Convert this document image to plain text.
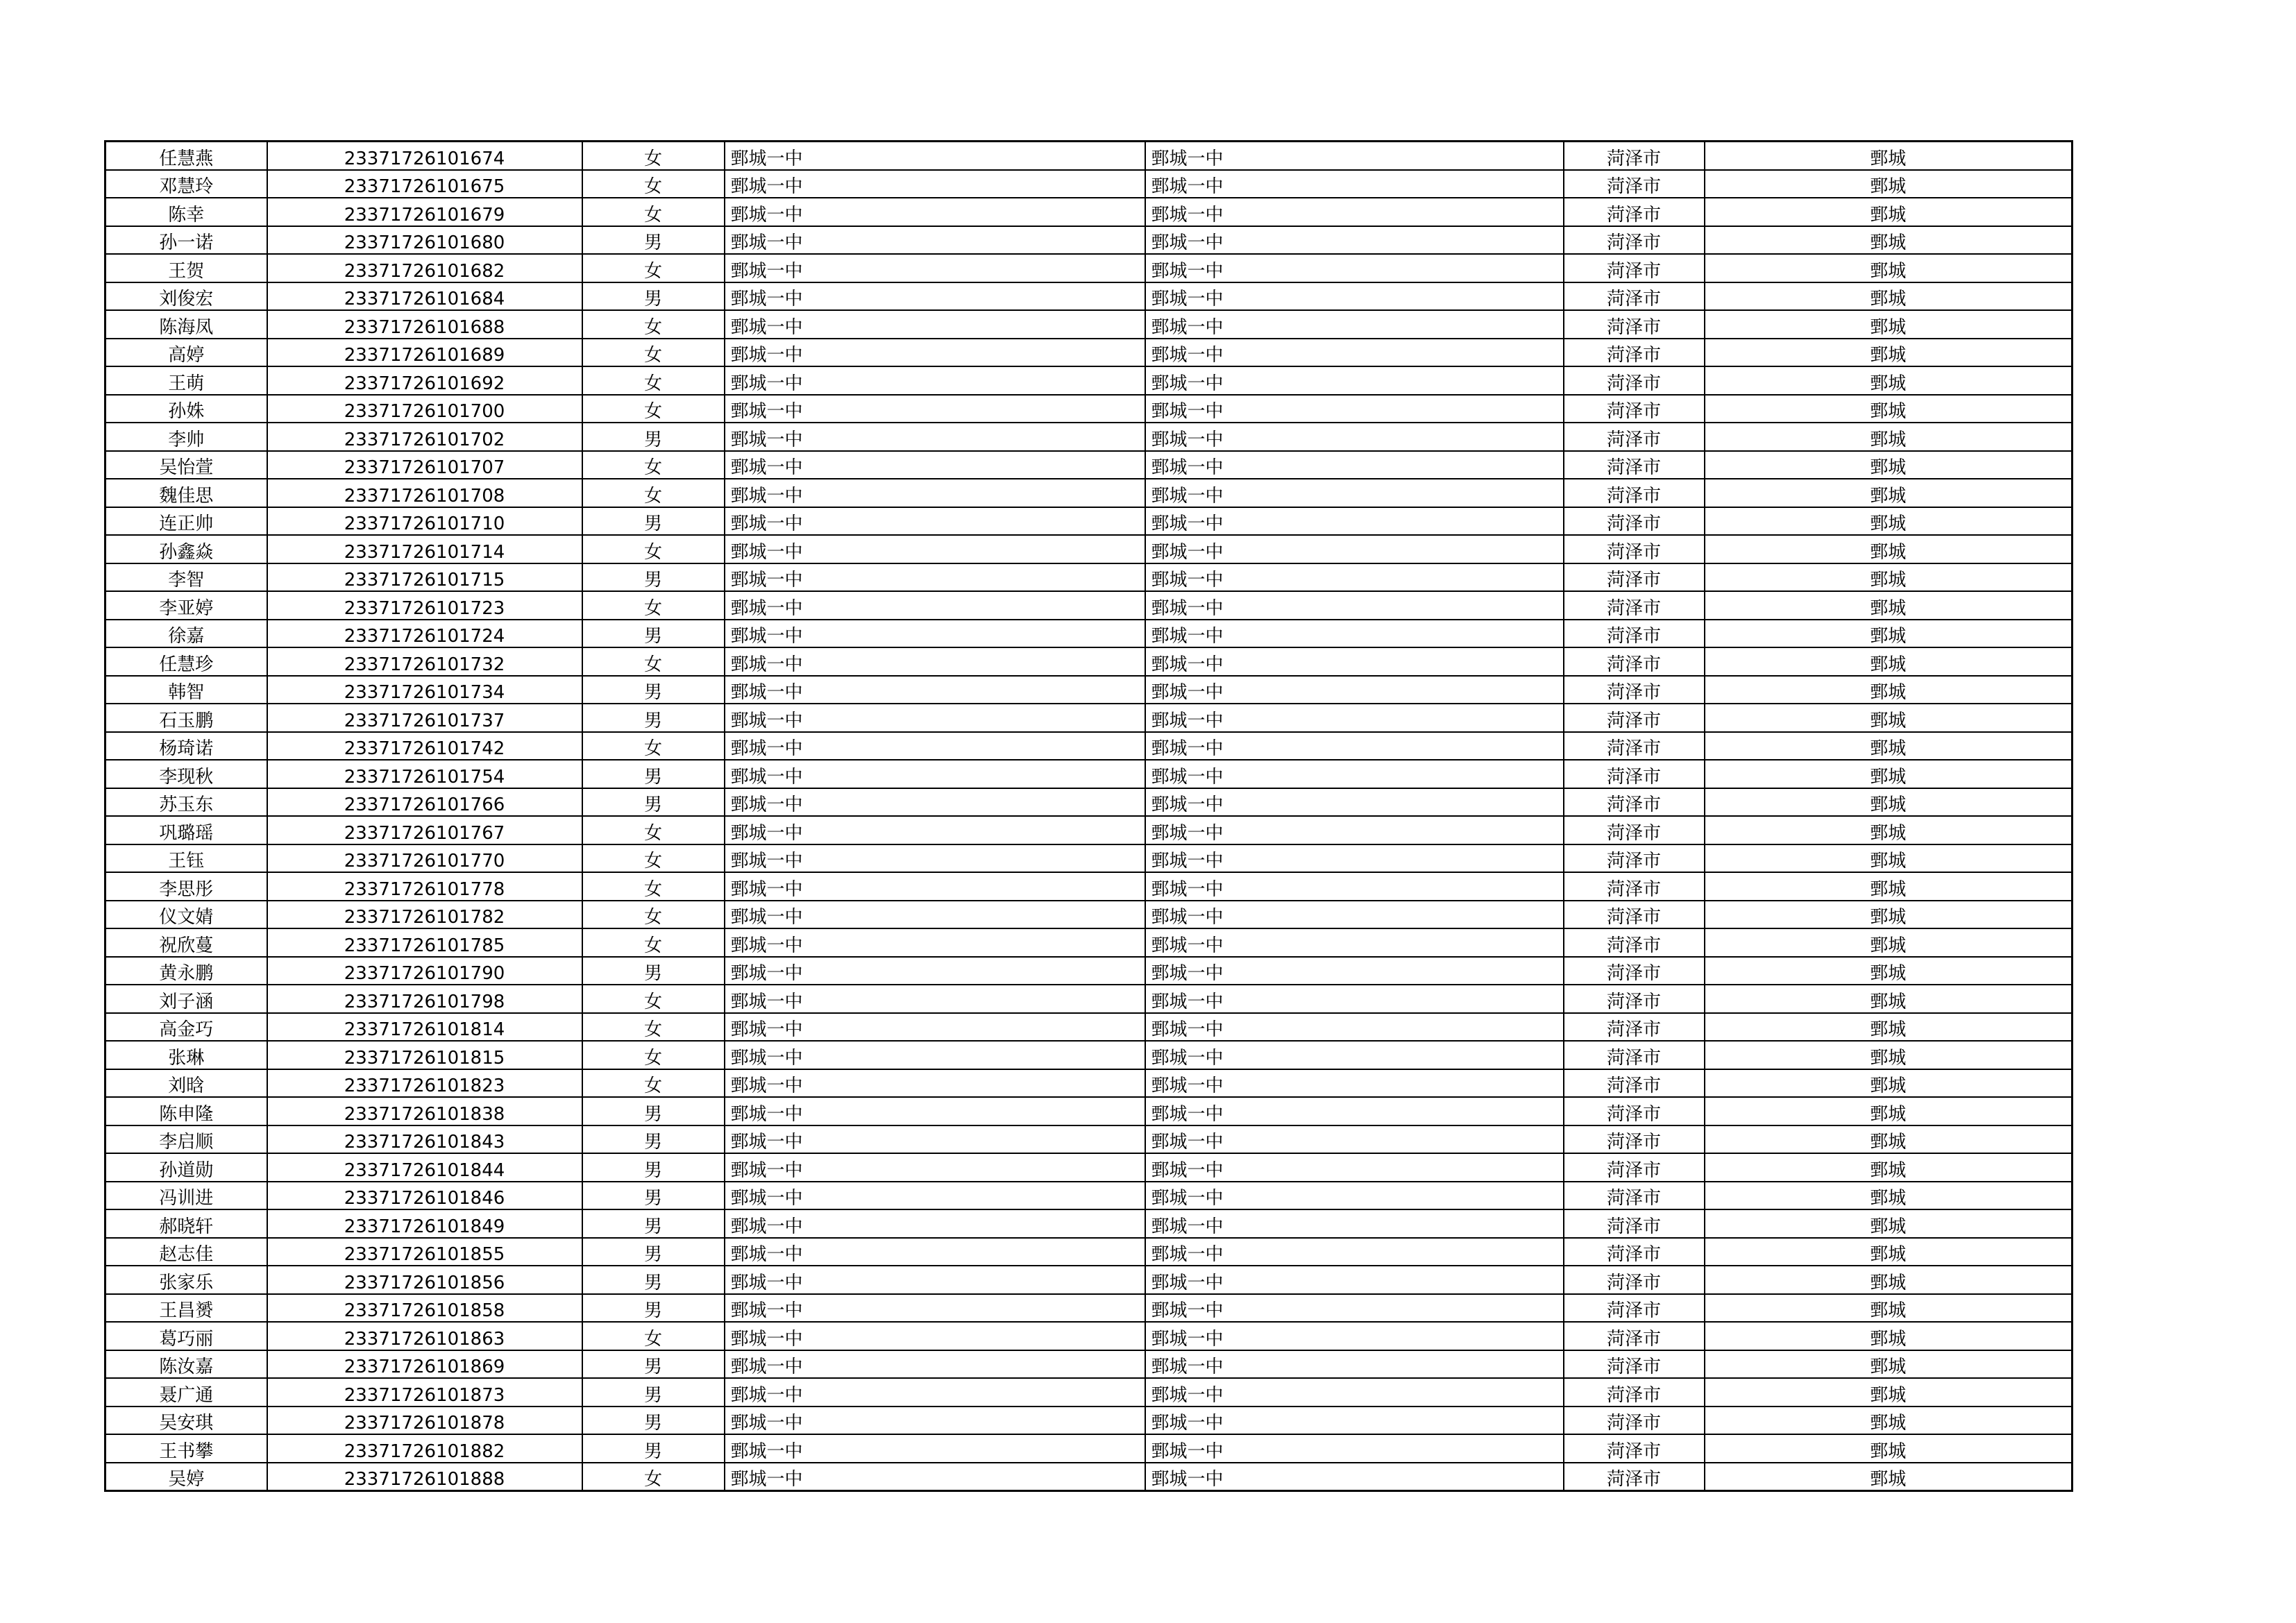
任慧燕	23371726101674	女	鄄城一中	鄄城一中	菏泽市	鄄城
邓慧玲	23371726101675	女	鄄城一中	鄄城一中	菏泽市	鄄城
陈幸	23371726101679	女	鄄城一中	鄄城一中	菏泽市	鄄城
孙一诺	23371726101680	男	鄄城一中	鄄城一中	菏泽市	鄄城
王贺	23371726101682	女	鄄城一中	鄄城一中	菏泽市	鄄城
刘俊宏	23371726101684	男	鄄城一中	鄄城一中	菏泽市	鄄城
陈海凤	23371726101688	女	鄄城一中	鄄城一中	菏泽市	鄄城
高婷	23371726101689	女	鄄城一中	鄄城一中	菏泽市	鄄城
王萌	23371726101692	女	鄄城一中	鄄城一中	菏泽市	鄄城
孙姝	23371726101700	女	鄄城一中	鄄城一中	菏泽市	鄄城
李帅	23371726101702	男	鄄城一中	鄄城一中	菏泽市	鄄城
吴怡萱	23371726101707	女	鄄城一中	鄄城一中	菏泽市	鄄城
魏佳思	23371726101708	女	鄄城一中	鄄城一中	菏泽市	鄄城
连正帅	23371726101710	男	鄄城一中	鄄城一中	菏泽市	鄄城
孙鑫焱	23371726101714	女	鄄城一中	鄄城一中	菏泽市	鄄城
李智	23371726101715	男	鄄城一中	鄄城一中	菏泽市	鄄城
李亚婷	23371726101723	女	鄄城一中	鄄城一中	菏泽市	鄄城
徐嘉	23371726101724	男	鄄城一中	鄄城一中	菏泽市	鄄城
任慧珍	23371726101732	女	鄄城一中	鄄城一中	菏泽市	鄄城
韩智	23371726101734	男	鄄城一中	鄄城一中	菏泽市	鄄城
石玉鹏	23371726101737	男	鄄城一中	鄄城一中	菏泽市	鄄城
杨琦诺	23371726101742	女	鄄城一中	鄄城一中	菏泽市	鄄城
李现秋	23371726101754	男	鄄城一中	鄄城一中	菏泽市	鄄城
苏玉东	23371726101766	男	鄄城一中	鄄城一中	菏泽市	鄄城
巩璐瑶	23371726101767	女	鄄城一中	鄄城一中	菏泽市	鄄城
王钰	23371726101770	女	鄄城一中	鄄城一中	菏泽市	鄄城
李思彤	23371726101778	女	鄄城一中	鄄城一中	菏泽市	鄄城
仪文婧	23371726101782	女	鄄城一中	鄄城一中	菏泽市	鄄城
祝欣蔓	23371726101785	女	鄄城一中	鄄城一中	菏泽市	鄄城
黄永鹏	23371726101790	男	鄄城一中	鄄城一中	菏泽市	鄄城
刘子涵	23371726101798	女	鄄城一中	鄄城一中	菏泽市	鄄城
高金巧	23371726101814	女	鄄城一中	鄄城一中	菏泽市	鄄城
张琳	23371726101815	女	鄄城一中	鄄城一中	菏泽市	鄄城
刘晗	23371726101823	女	鄄城一中	鄄城一中	菏泽市	鄄城
陈申隆	23371726101838	男	鄄城一中	鄄城一中	菏泽市	鄄城
李启顺	23371726101843	男	鄄城一中	鄄城一中	菏泽市	鄄城
孙道勋	23371726101844	男	鄄城一中	鄄城一中	菏泽市	鄄城
冯训进	23371726101846	男	鄄城一中	鄄城一中	菏泽市	鄄城
郝晓轩	23371726101849	男	鄄城一中	鄄城一中	菏泽市	鄄城
赵志佳	23371726101855	男	鄄城一中	鄄城一中	菏泽市	鄄城
张家乐	23371726101856	男	鄄城一中	鄄城一中	菏泽市	鄄城
王昌赟	23371726101858	男	鄄城一中	鄄城一中	菏泽市	鄄城
葛巧丽	23371726101863	女	鄄城一中	鄄城一中	菏泽市	鄄城
陈汝嘉	23371726101869	男	鄄城一中	鄄城一中	菏泽市	鄄城
聂广通	23371726101873	男	鄄城一中	鄄城一中	菏泽市	鄄城
吴安琪	23371726101878	男	鄄城一中	鄄城一中	菏泽市	鄄城
王书攀	23371726101882	男	鄄城一中	鄄城一中	菏泽市	鄄城
吴婷	23371726101888	女	鄄城一中	鄄城一中	菏泽市	鄄城
